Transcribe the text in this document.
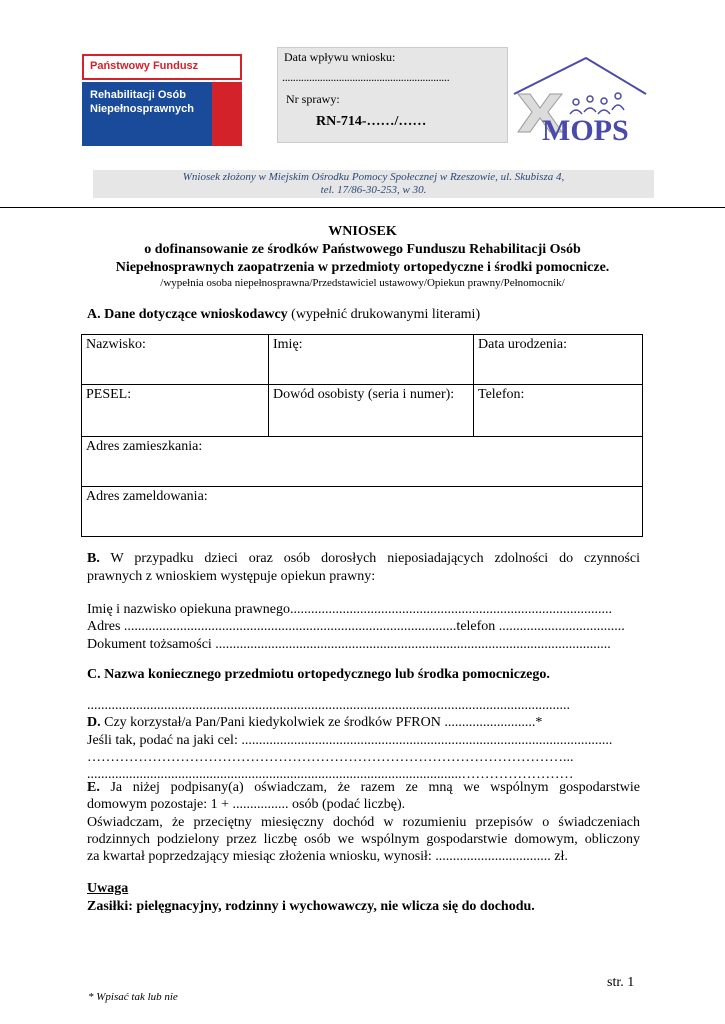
Państwowy Fundusz
Rehabilitacji Osób
Niepełnosprawnych
Data wpływu wniosku:
..............................................................
Nr sprawy:
RN-714-……/……	MOPS
Wniosek złożony w Miejskim Ośrodku Pomocy Społecznej w Rzeszowie, ul. Skubisza 4,
tel. 17/86-30-253, w 30.
WNIOSEK
o dofinansowanie ze środków Państwowego Funduszu Rehabilitacji Osób
Niepełnosprawnych zaopatrzenia w przedmioty ortopedyczne i środki pomocnicze.
/wypełnia osoba niepełnosprawna/Przedstawiciel ustawowy/Opiekun prawny/Pełnomocnik/
A. Dane dotyczące wnioskodawcy (wypełnić drukowanymi literami)
Nazwisko:	Imię:	Data urodzenia:
PESEL:	Dowód osobisty (seria i numer):	Telefon:
Adres zamieszkania:		
Adres zameldowania:		
B. W przypadku dzieci oraz osób dorosłych nieposiadających zdolności do czynności
prawnych z wnioskiem występuje opiekun prawny:
Imię i nazwisko opiekuna prawnego............................................................................................
Adres ...............................................................................................telefon ....................................
Dokument tożsamości .................................................................................................................
C. Nazwa koniecznego przedmiotu ortopedycznego lub środka pomocniczego.
..........................................................................................................................................
D. Czy korzystał/a Pan/Pani kiedykolwiek ze środków PFRON ..........................*
Jeśli tak, podać na jaki cel: ..........................................................................................................
…………………………………………………………………………………………...
...........................................................................................................……………………
E. Ja niżej podpisany(a) oświadczam, że razem ze mną we wspólnym gospodarstwie
domowym pozostaje: 1 + ................ osób (podać liczbę).
Oświadczam, że przeciętny miesięczny dochód w rozumieniu przepisów o świadczeniach
rodzinnych podzielony przez liczbę osób we wspólnym gospodarstwie domowym, obliczony
za kwartał poprzedzający miesiąc złożenia wniosku, wynosił: ................................. zł.
Uwaga
Zasiłki: pielęgnacyjny, rodzinny i wychowawczy, nie wlicza się do dochodu.
str. 1
* Wpisać tak lub nie
